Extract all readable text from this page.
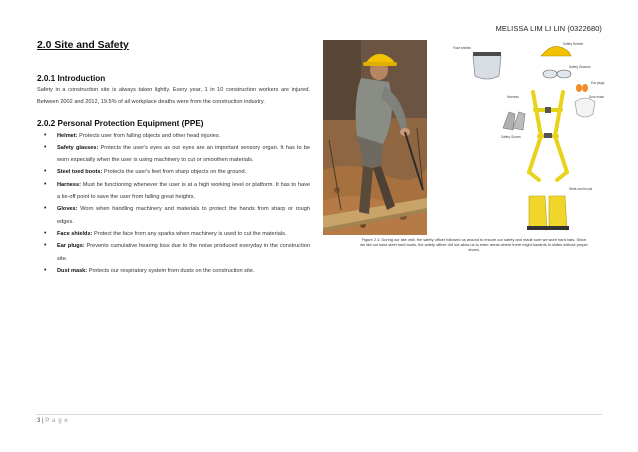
MELISSA LIM LI LIN (0322680)
2.0 Site and Safety
2.0.1 Introduction

Safety in a construction site is always taken lightly. Every year, 1 in 10 construction workers are injured. Between 2002 and 2012, 19.5% of all workplace deaths were from the construction industry.

2.0.2 Personal Protection Equipment (PPE)
• Helmet: Protects user from falling objects and other head injuries.
• Safety glasses: Protects the user's eyes as our eyes are an important sensory organ. It has to be worn especially when the user is using machinery to cut or smoothen materials.
• Steel toed boots: Protects the user's feet from sharp objects on the ground.
• Harness: Must be functioning whenever the user is at a high working level or platform. It has to have a tie-off point to save the user from falling great heights.
• Gloves: Worn when handling machinery and materials to protect the hands from sharp or rough edges.
• Face shields: Protect the face from any sparks when machinery is used to cut the materials.
• Ear plugs: Prevents cumulative hearing loss due to the noise produced everyday in the construction site.
• Dust mask: Protects our respiratory system from dusts on the construction site.
Face shields
Safety Helmet
Safety Glasses
Ear plugs
Dust mask
Harness
Safety Gloves
Steel-toed boots
Figure 2.1: During our site visit, the safety officer followed us around to ensure our safety and made sure we wore hard hats. Since we did not have steel toed boots, the safety officer did not allow us to enter areas where there might hazards to slides without proper shoes.
3 | P a g e
